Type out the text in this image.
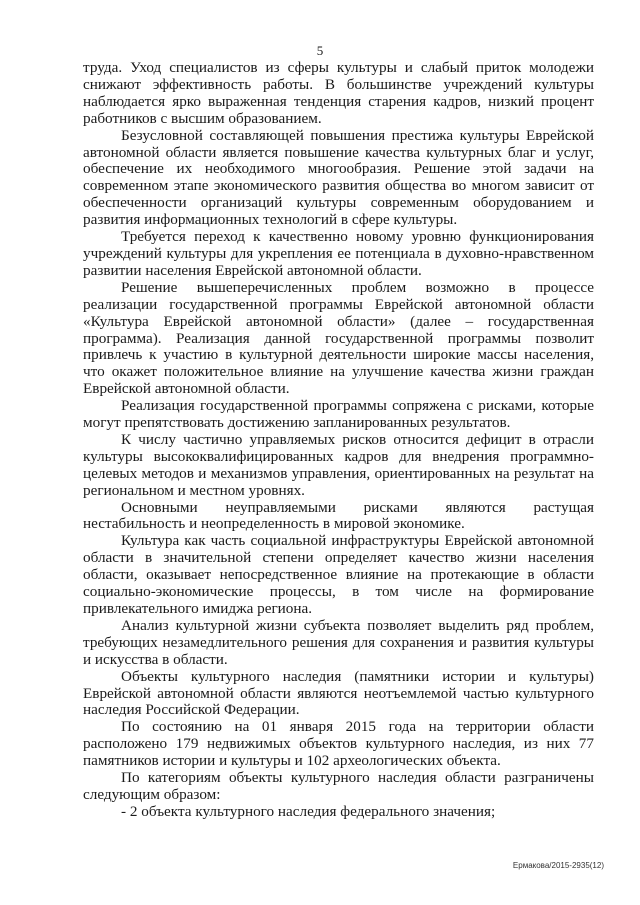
5

труда. Уход специалистов из сферы культуры и слабый приток молодежи снижают эффективность работы. В большинстве учреждений культуры наблюдается ярко выраженная тенденция старения кадров, низкий процент работников с высшим образованием.

Безусловной составляющей повышения престижа культуры Еврейской автономной области является повышение качества культурных благ и услуг, обеспечение их необходимого многообразия. Решение этой задачи на современном этапе экономического развития общества во многом зависит от обеспеченности организаций культуры современным оборудованием и развития информационных технологий в сфере культуры.

Требуется переход к качественно новому уровню функционирования учреждений культуры для укрепления ее потенциала в духовно-нравственном развитии населения Еврейской автономной области.

Решение вышеперечисленных проблем возможно в процессе реализации государственной программы Еврейской автономной области «Культура Еврейской автономной области» (далее – государственная программа). Реализация данной государственной программы позволит привлечь к участию в культурной деятельности широкие массы населения, что окажет положительное влияние на улучшение качества жизни граждан Еврейской автономной области.

Реализация государственной программы сопряжена с рисками, которые могут препятствовать достижению запланированных результатов.

К числу частично управляемых рисков относится дефицит в отрасли культуры высококвалифицированных кадров для внедрения программно-целевых методов и механизмов управления, ориентированных на результат на региональном и местном уровнях.

Основными неуправляемыми рисками являются растущая нестабильность и неопределенность в мировой экономике.

Культура как часть социальной инфраструктуры Еврейской автономной области в значительной степени определяет качество жизни населения области, оказывает непосредственное влияние на протекающие в области социально-экономические процессы, в том числе на формирование привлекательного имиджа региона.

Анализ культурной жизни субъекта позволяет выделить ряд проблем, требующих незамедлительного решения для сохранения и развития культуры и искусства в области.

Объекты культурного наследия (памятники истории и культуры) Еврейской автономной области являются неотъемлемой частью культурного наследия Российской Федерации.

По состоянию на 01 января 2015 года на территории области расположено 179 недвижимых объектов культурного наследия, из них 77 памятников истории и культуры и 102 археологических объекта.

По категориям объекты культурного наследия области разграничены следующим образом:

- 2 объекта культурного наследия федерального значения;

Ермакова/2015-2935(12)
